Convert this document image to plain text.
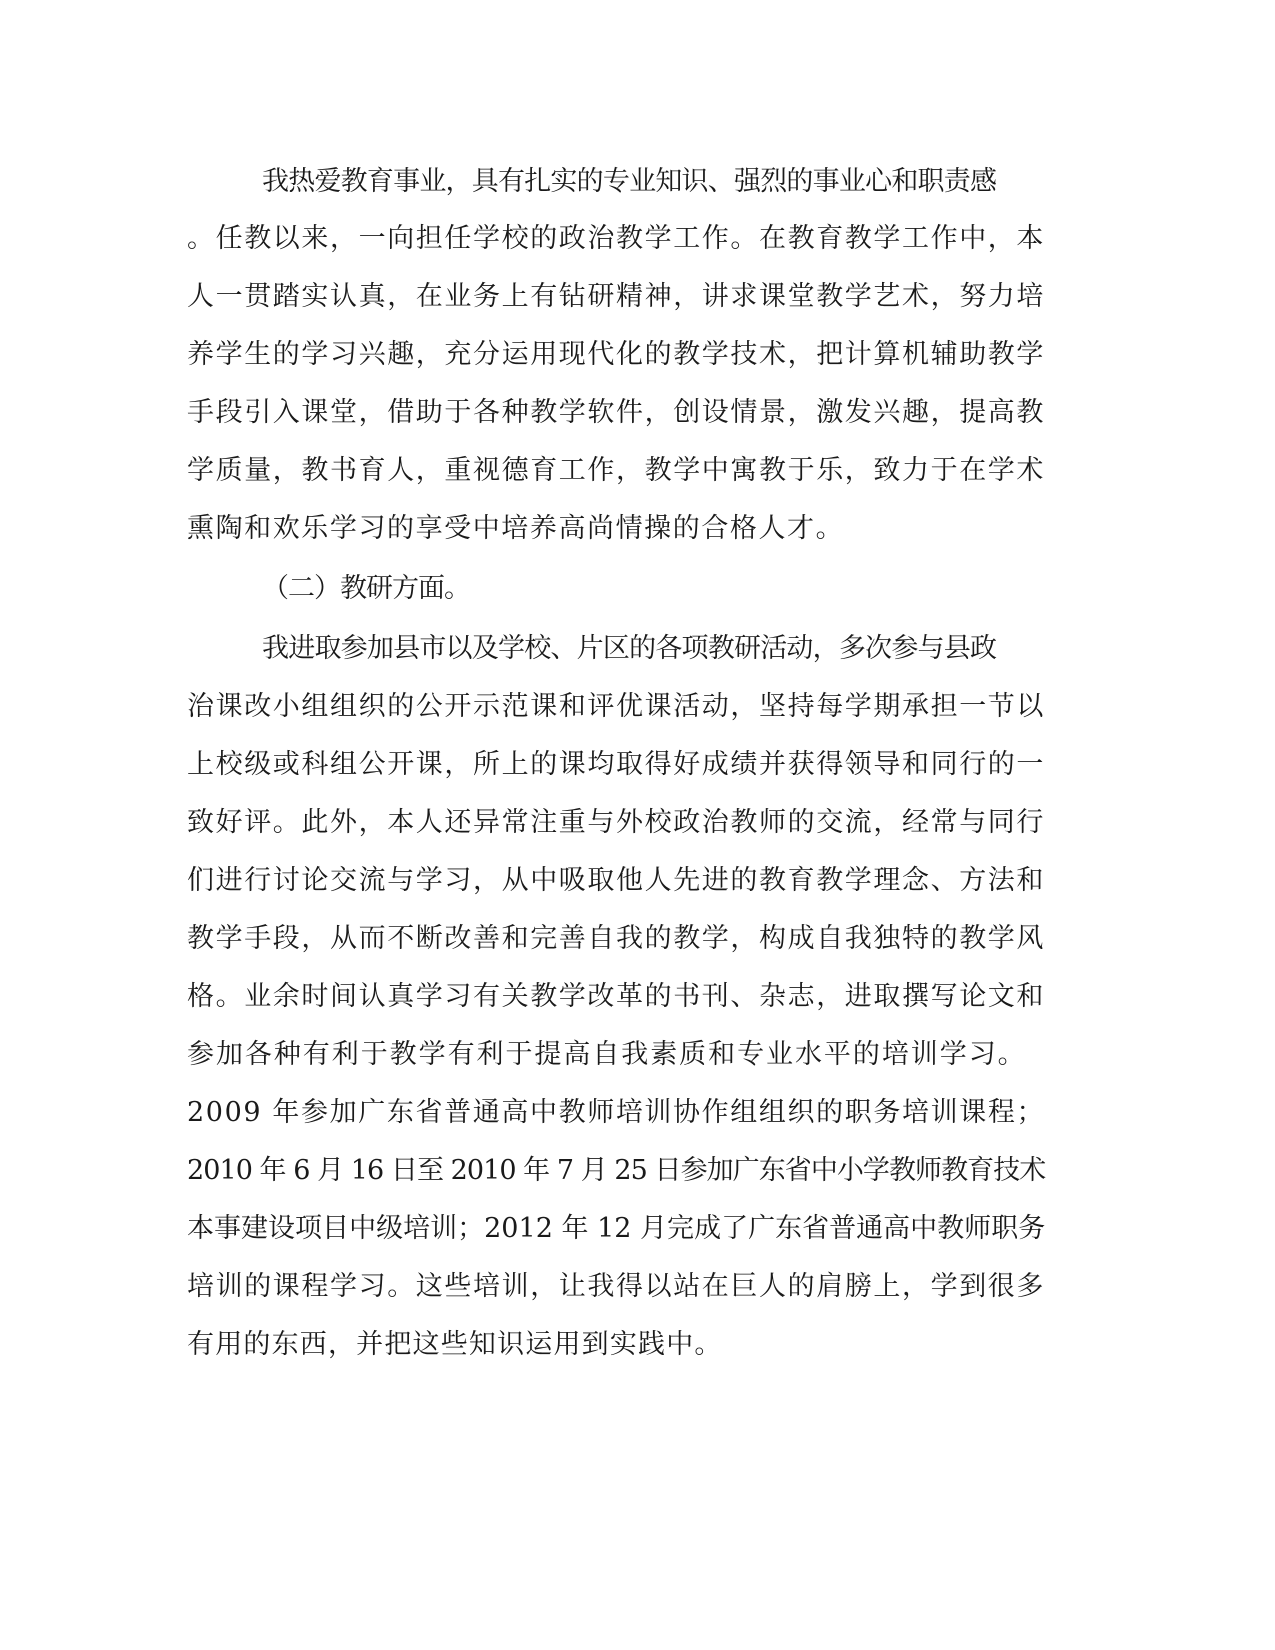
我热爱教育事业，具有扎实的专业知识、强烈的事业心和职责感
。任教以来，一向担任学校的政治教学工作。在教育教学工作中，本
人一贯踏实认真，在业务上有钻研精神，讲求课堂教学艺术，努力培
养学生的学习兴趣，充分运用现代化的教学技术，把计算机辅助教学
手段引入课堂，借助于各种教学软件，创设情景，激发兴趣，提高教
学质量，教书育人，重视德育工作，教学中寓教于乐，致力于在学术
熏陶和欢乐学习的享受中培养高尚情操的合格人才。
（二）教研方面。
我进取参加县市以及学校、片区的各项教研活动，多次参与县政
治课改小组组织的公开示范课和评优课活动，坚持每学期承担一节以
上校级或科组公开课，所上的课均取得好成绩并获得领导和同行的一
致好评。此外，本人还异常注重与外校政治教师的交流，经常与同行
们进行讨论交流与学习，从中吸取他人先进的教育教学理念、方法和
教学手段，从而不断改善和完善自我的教学，构成自我独特的教学风
格。业余时间认真学习有关教学改革的书刊、杂志，进取撰写论文和
参加各种有利于教学有利于提高自我素质和专业水平的培训学习。
2009 年参加广东省普通高中教师培训协作组组织的职务培训课程；
2010 年 6 月 16 日至 2010 年 7 月 25 日参加广东省中小学教师教育技术
本事建设项目中级培训；2012 年 12 月完成了广东省普通高中教师职务
培训的课程学习。这些培训，让我得以站在巨人的肩膀上，学到很多
有用的东西，并把这些知识运用到实践中。
